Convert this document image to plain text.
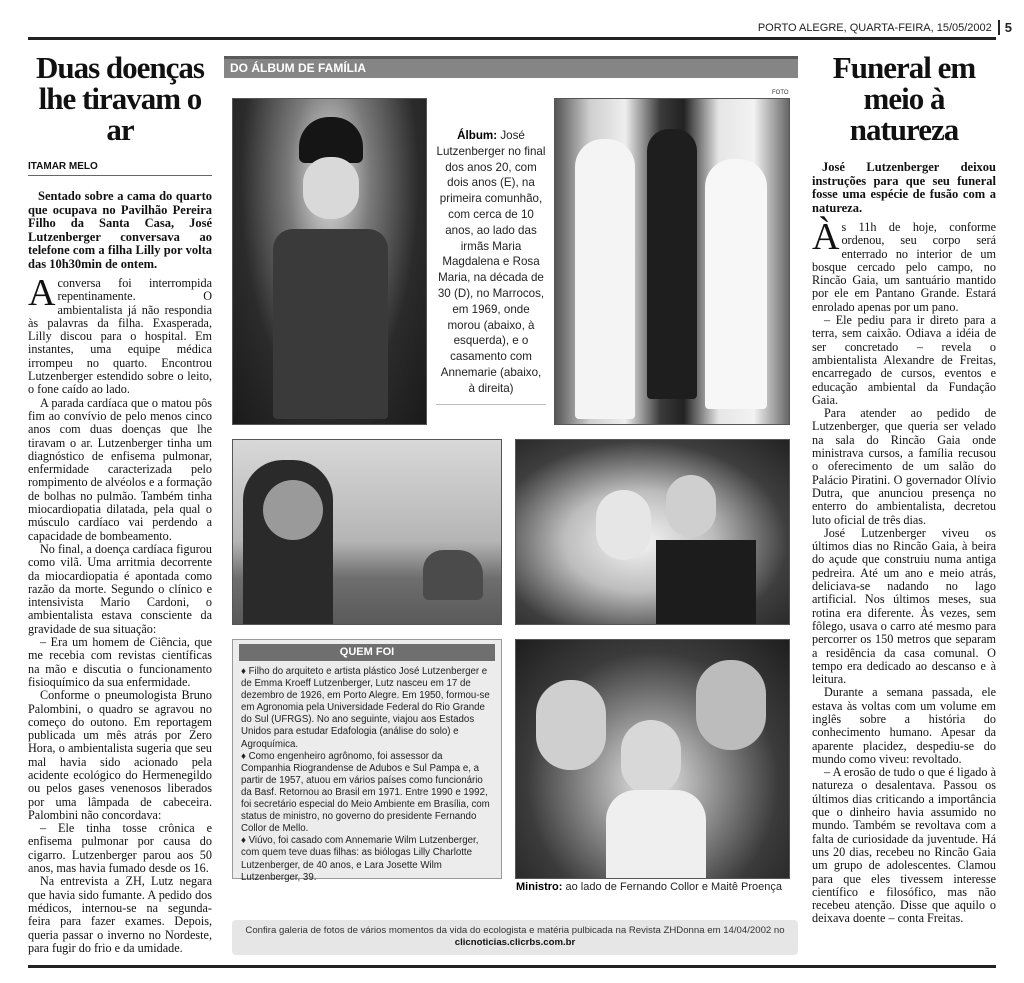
PORTO ALEGRE, QUARTA-FEIRA, 15/05/2002	5
Duas doenças lhe tiravam o ar
ITAMAR MELO

Sentado sobre a cama do quarto que ocupava no Pavilhão Pereira Filho da Santa Casa, José Lutzenberger conversava ao telefone com a filha Lilly por volta das 10h30min de ontem.

A conversa foi interrompida repentinamente. O ambientalista já não respondia às palavras da filha. Exasperada, Lilly discou para o hospital. Em instantes, uma equipe médica irrompeu no quarto. Encontrou Lutzenberger estendido sobre o leito, o fone caído ao lado.

A parada cardíaca que o matou pôs fim ao convívio de pelo menos cinco anos com duas doenças que lhe tiravam o ar. Lutzenberger tinha um diagnóstico de enfisema pulmonar, enfermidade caracterizada pelo rompimento de alvéolos e a formação de bolhas no pulmão. Também tinha miocardiopatia dilatada, pela qual o músculo cardíaco vai perdendo a capacidade de bombeamento.

No final, a doença cardíaca figurou como vilã. Uma arritmia decorrente da miocardiopatia é apontada como razão da morte. Segundo o clínico e intensivista Mario Cardoni, o ambientalista estava consciente da gravidade de sua situação:

– Era um homem de Ciência, que me recebia com revistas científicas na mão e discutia o funcionamento fisioquímico da sua enfermidade.

Conforme o pneumologista Bruno Palombini, o quadro se agravou no começo do outono. Em reportagem publicada um mês atrás por Zero Hora, o ambientalista sugeria que seu mal havia sido acionado pela acidente ecológico do Hermenegildo ou pelos gases venenosos liberados por uma lâmpada de cabeceira. Palombini não concordava:

– Ele tinha tosse crônica e enfisema pulmonar por causa do cigarro. Lutzenberger parou aos 50 anos, mas havia fumado desde os 16.

Na entrevista a ZH, Lutz negara que havia sido fumante. A pedido dos médicos, internou-se na segunda-feira para fazer exames. Depois, queria passar o inverno no Nordeste, para fugir do frio e da umidade.

DO ÁLBUM DE FAMÍLIA
FOTO
Álbum: José Lutzenberger no final dos anos 20, com dois anos (E), na primeira comunhão, com cerca de 10 anos, ao lado das irmãs Maria Magdalena e Rosa Maria, na década de 30 (D), no Marrocos, em 1969, onde morou (abaixo, à esquerda), e o casamento com Annemarie (abaixo, à direita)
QUEM FOI

♦ Filho do arquiteto e artista plástico José Lutzenberger e de Emma Kroeff Lutzenberger, Lutz nasceu em 17 de dezembro de 1926, em Porto Alegre. Em 1950, formou-se em Agronomia pela Universidade Federal do Rio Grande do Sul (UFRGS). No ano seguinte, viajou aos Estados Unidos para estudar Edafologia (análise do solo) e Agroquímica.

♦ Como engenheiro agrônomo, foi assessor da Companhia Riograndense de Adubos e Sul Pampa e, a partir de 1957, atuou em vários países como funcionário da Basf. Retornou ao Brasil em 1971. Entre 1990 e 1992, foi secretário especial do Meio Ambiente em Brasília, com status de ministro, no governo do presidente Fernando Collor de Mello.

♦ Viúvo, foi casado com Annemarie Wilm Lutzenberger, com quem teve duas filhas: as biólogas Lilly Charlotte Lutzenberger, de 40 anos, e Lara Josette Wilm Lutzenberger, 39.

Ministro: ao lado de Fernando Collor e Maitê Proença
Confira galeria de fotos de vários momentos da vida do ecologista e matéria pulbicada na Revista ZHDonna em 14/04/2002 no
clicnoticias.clicrbs.com.br
Funeral em meio à natureza

José Lutzenberger deixou instruções para que seu funeral fosse uma espécie de fusão com a natureza.

Às 11h de hoje, conforme ordenou, seu corpo será enterrado no interior de um bosque cercado pelo campo, no Rincão Gaia, um santuário mantido por ele em Pantano Grande. Estará enrolado apenas por um pano.

– Ele pediu para ir direto para a terra, sem caixão. Odiava a idéia de ser concretado – revela o ambientalista Alexandre de Freitas, encarregado de cursos, eventos e educação ambiental da Fundação Gaia.

Para atender ao pedido de Lutzenberger, que queria ser velado na sala do Rincão Gaia onde ministrava cursos, a família recusou o oferecimento de um salão do Palácio Piratini. O governador Olívio Dutra, que anunciou presença no enterro do ambientalista, decretou luto oficial de três dias.

José Lutzenberger viveu os últimos dias no Rincão Gaia, à beira do açude que construiu numa antiga pedreira. Até um ano e meio atrás, deliciava-se nadando no lago artificial. Nos últimos meses, sua rotina era diferente. Às vezes, sem fôlego, usava o carro até mesmo para percorrer os 150 metros que separam a residência da casa comunal. O tempo era dedicado ao descanso e à leitura.

Durante a semana passada, ele estava às voltas com um volume em inglês sobre a história do conhecimento humano. Apesar da aparente placidez, despediu-se do mundo como viveu: revoltado.

– A erosão de tudo o que é ligado à natureza o desalentava. Passou os últimos dias criticando a importância que o dinheiro havia assumido no mundo. Também se revoltava com a falta de curiosidade da juventude. Há uns 20 dias, recebeu no Rincão Gaia um grupo de adolescentes. Clamou para que eles tivessem interesse científico e filosófico, mas não recebeu atenção. Disse que aquilo o deixava doente – conta Freitas.
